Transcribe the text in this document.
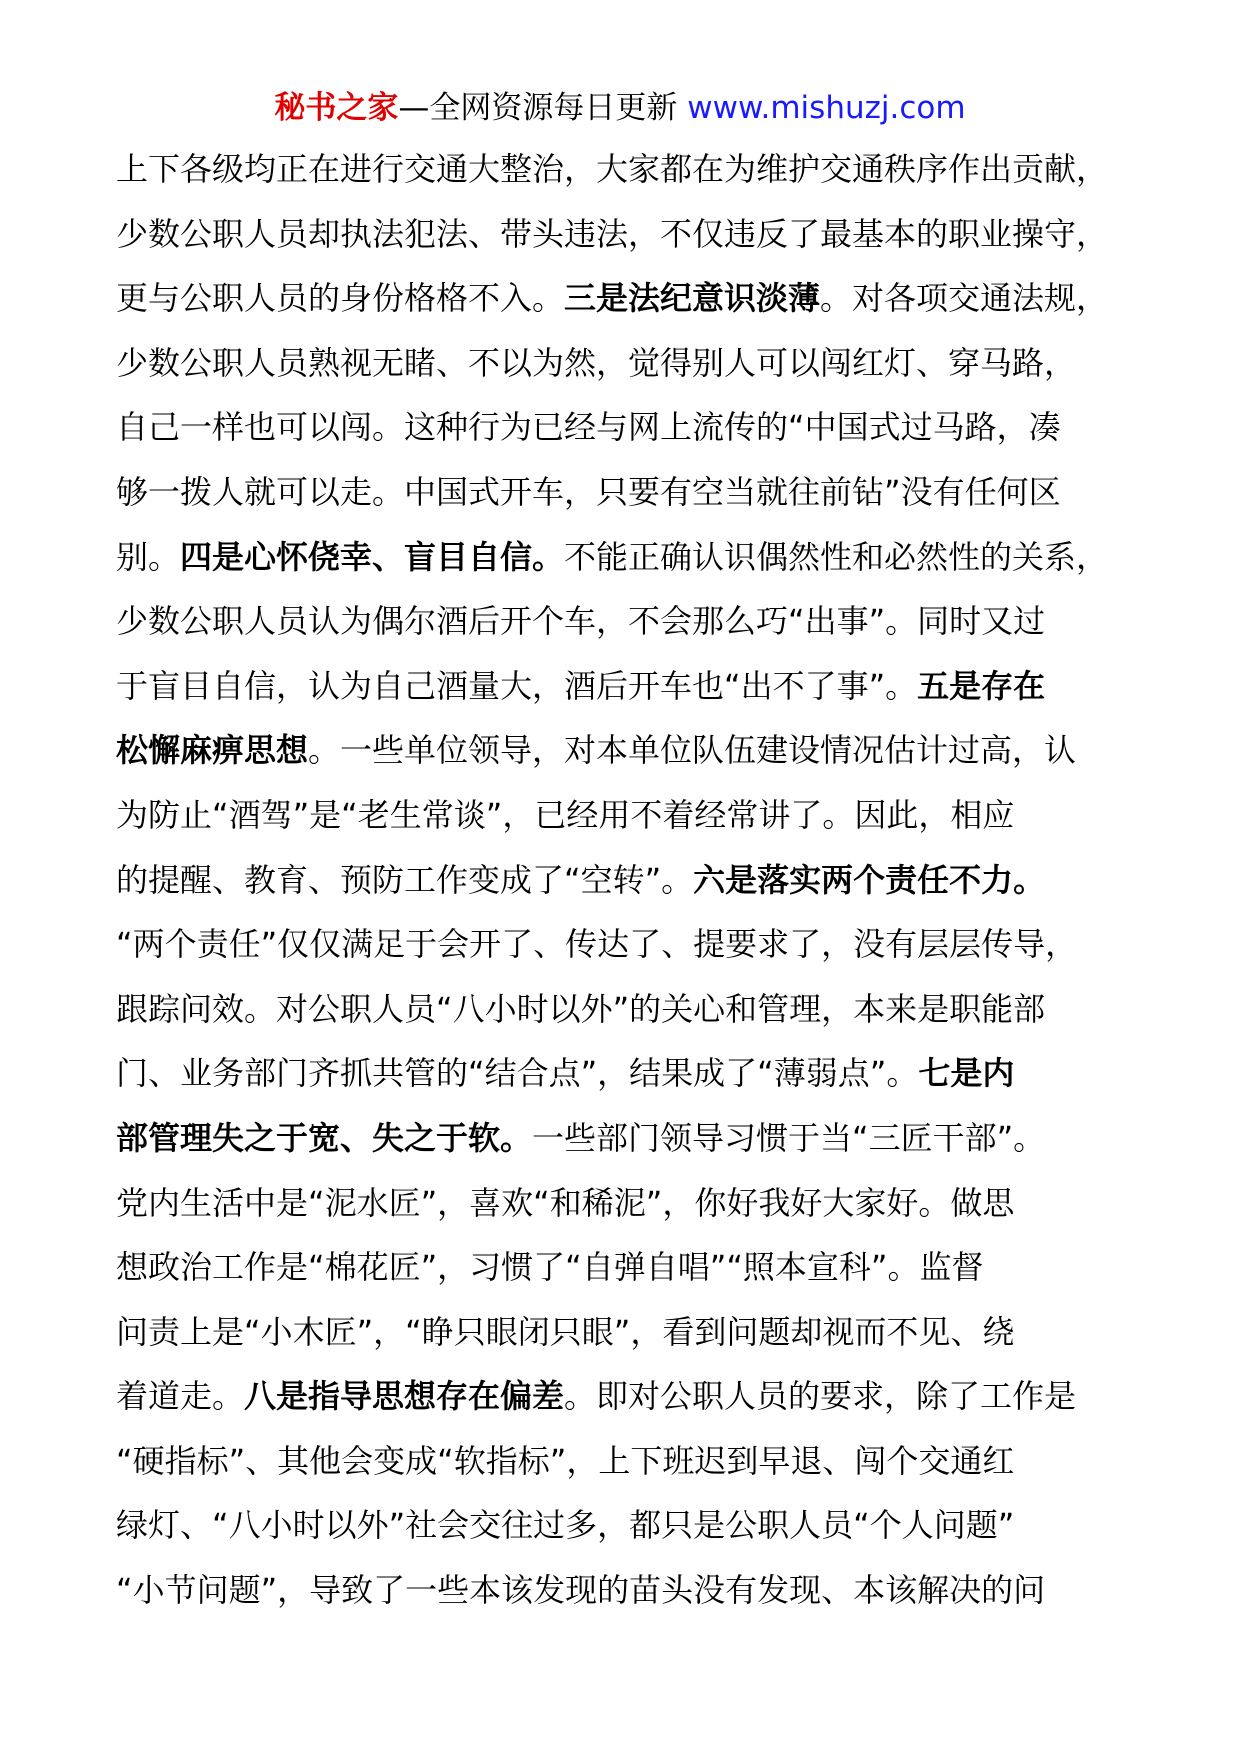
秘书之家—全网资源每日更新 www.mishuzj.com
上下各级均正在进行交通大整治，大家都在为维护交通秩序作出贡献，
少数公职人员却执法犯法、带头违法，不仅违反了最基本的职业操守，
更与公职人员的身份格格不入。三是法纪意识淡薄。对各项交通法规，
少数公职人员熟视无睹、不以为然，觉得别人可以闯红灯、穿马路，
自己一样也可以闯。这种行为已经与网上流传的“中国式过马路，凑
够一拨人就可以走。中国式开车，只要有空当就往前钻”没有任何区
别。四是心怀侥幸、盲目自信。不能正确认识偶然性和必然性的关系，
少数公职人员认为偶尔酒后开个车，不会那么巧“出事”。同时又过
于盲目自信，认为自己酒量大，酒后开车也“出不了事”。五是存在
松懈麻痹思想。一些单位领导，对本单位队伍建设情况估计过高，认
为防止“酒驾”是“老生常谈”，已经用不着经常讲了。因此，相应
的提醒、教育、预防工作变成了“空转”。六是落实两个责任不力。
“两个责任”仅仅满足于会开了、传达了、提要求了，没有层层传导，
跟踪问效。对公职人员“八小时以外”的关心和管理，本来是职能部
门、业务部门齐抓共管的“结合点”，结果成了“薄弱点”。七是内
部管理失之于宽、失之于软。一些部门领导习惯于当“三匠干部”。
党内生活中是“泥水匠”，喜欢“和稀泥”，你好我好大家好。做思
想政治工作是“棉花匠”，习惯了“自弹自唱”“照本宣科”。监督
问责上是“小木匠”，“睁只眼闭只眼”，看到问题却视而不见、绕
着道走。八是指导思想存在偏差。即对公职人员的要求，除了工作是
“硬指标”、其他会变成“软指标”，上下班迟到早退、闯个交通红
绿灯、“八小时以外”社会交往过多，都只是公职人员“个人问题”
“小节问题”，导致了一些本该发现的苗头没有发现、本该解决的问
